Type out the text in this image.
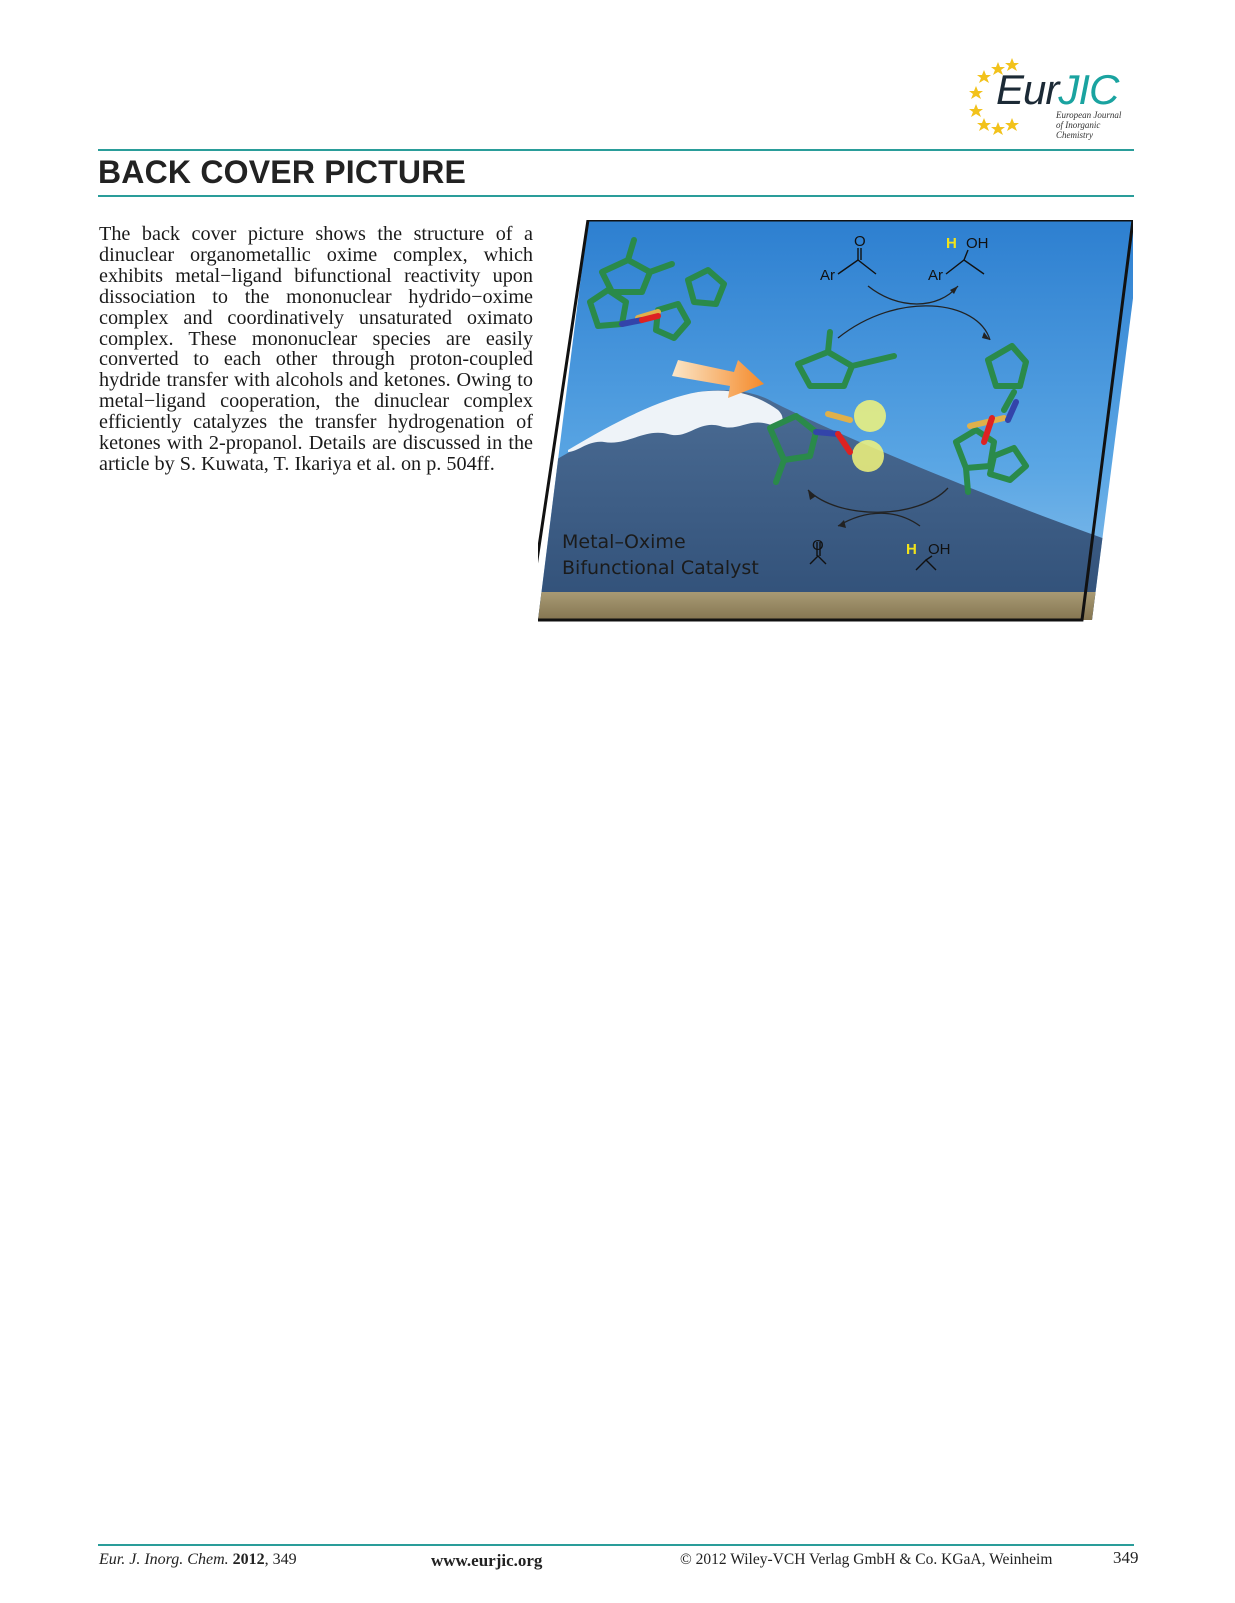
EurJIC
European Journal
of Inorganic Chemistry
BACK COVER PICTURE

The back cover picture shows the structure of a dinuclear organometallic oxime complex, which exhibits metal−ligand bifunctional reactivity upon dissociation to the mononuclear hydrido−oxime complex and coordinatively unsaturated oximato complex. These mononuclear species are easily converted to each other through proton-coupled hydride transfer with alcohols and ketones. Owing to metal−ligand cooperation, the dinuclear complex efficiently catalyzes the transfer hydrogenation of ketones with 2-propanol. Details are discussed in the article by S. Kuwata, T. Ikariya et al. on p. 504ff.

O
Ar	Ar
H OH
O	H OH
Metal–Oxime
Bifunctional Catalyst
Eur. J. Inorg. Chem. 2012, 349	www.eurjic.org	© 2012 Wiley-VCH Verlag GmbH & Co. KGaA, Weinheim	349
